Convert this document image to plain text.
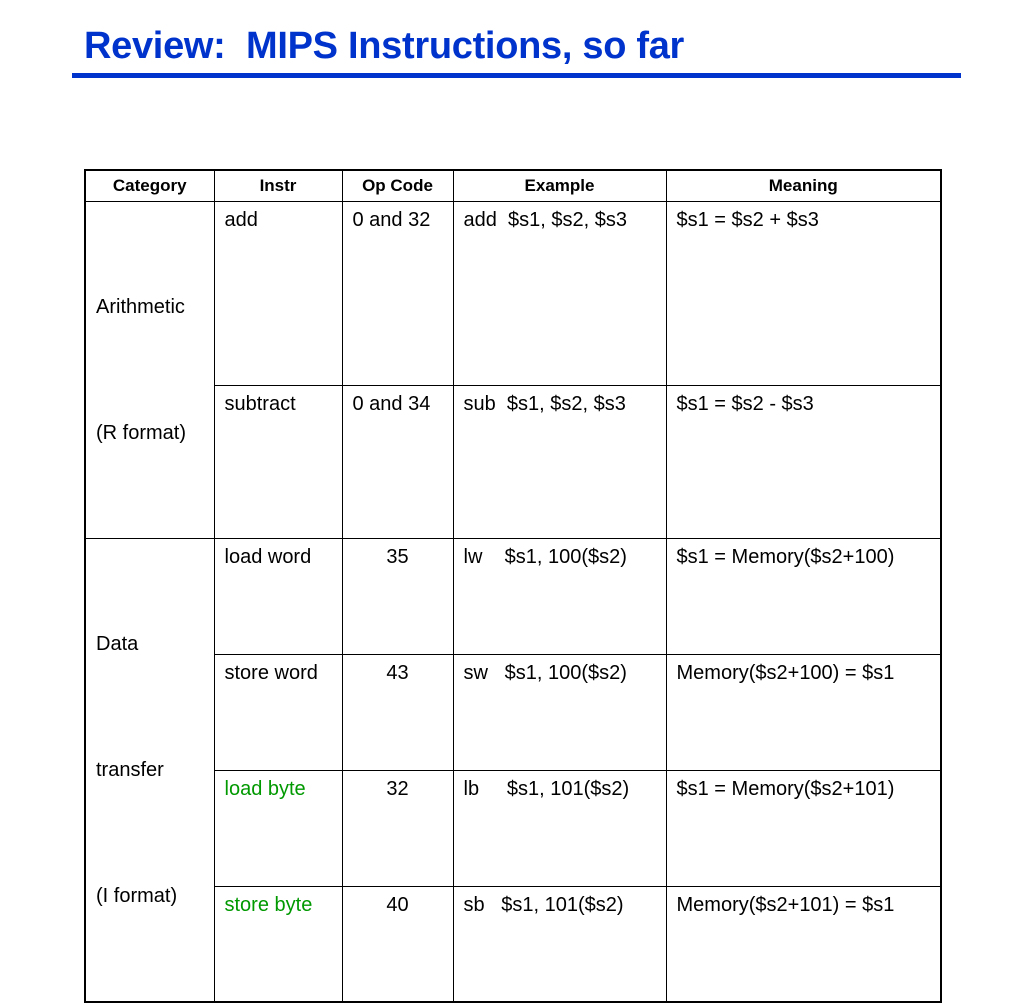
Review:  MIPS Instructions, so far
Category	Instr	Op Code	Example	Meaning

Arithmetic

(R format)	add	0 and 32	add  $s1, $s2, $s3	$s1 = $s2 + $s3
	subtract	0 and 34	sub  $s1, $s2, $s3	$s1 = $s2 - $s3

Data

transfer

(I format)	load word	35	lw    $s1, 100($s2)	$s1 = Memory($s2+100)
	store word	43	sw   $s1, 100($s2)	Memory($s2+100) = $s1
	load byte	32	lb     $s1, 101($s2)	$s1 = Memory($s2+101)
	store byte	40	sb   $s1, 101($s2)	Memory($s2+101) = $s1
